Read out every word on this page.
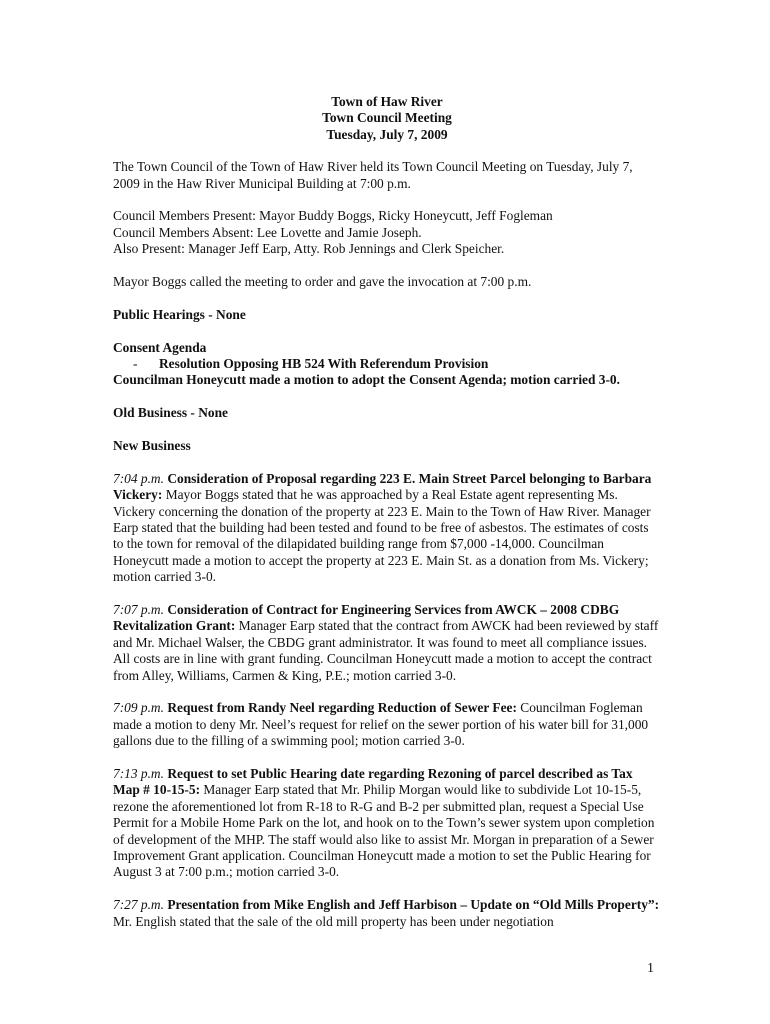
Town of Haw River
Town Council Meeting
Tuesday, July 7, 2009

The Town Council of the Town of Haw River held its Town Council Meeting on Tuesday, July 7, 2009 in the Haw River Municipal Building at 7:00 p.m.

Council Members Present: Mayor Buddy Boggs, Ricky Honeycutt, Jeff Fogleman
Council Members Absent: Lee Lovette and Jamie Joseph.
Also Present: Manager Jeff Earp, Atty. Rob Jennings and Clerk Speicher.

Mayor Boggs called the meeting to order and gave the invocation at 7:00 p.m.

Public Hearings - None

Consent Agenda
- Resolution Opposing HB 524 With Referendum Provision
Councilman Honeycutt made a motion to adopt the Consent Agenda; motion carried 3-0.

Old Business - None

New Business

7:04 p.m. Consideration of Proposal regarding 223 E. Main Street Parcel belonging to Barbara Vickery: Mayor Boggs stated that he was approached by a Real Estate agent representing Ms. Vickery concerning the donation of the property at 223 E. Main to the Town of Haw River. Manager Earp stated that the building had been tested and found to be free of asbestos. The estimates of costs to the town for removal of the dilapidated building range from $7,000 -14,000. Councilman Honeycutt made a motion to accept the property at 223 E. Main St. as a donation from Ms. Vickery; motion carried 3-0.

7:07 p.m. Consideration of Contract for Engineering Services from AWCK – 2008 CDBG Revitalization Grant: Manager Earp stated that the contract from AWCK had been reviewed by staff and Mr. Michael Walser, the CBDG grant administrator. It was found to meet all compliance issues. All costs are in line with grant funding. Councilman Honeycutt made a motion to accept the contract from Alley, Williams, Carmen & King, P.E.; motion carried 3-0.

7:09 p.m. Request from Randy Neel regarding Reduction of Sewer Fee: Councilman Fogleman made a motion to deny Mr. Neel’s request for relief on the sewer portion of his water bill for 31,000 gallons due to the filling of a swimming pool; motion carried 3-0.

7:13 p.m. Request to set Public Hearing date regarding Rezoning of parcel described as Tax Map # 10-15-5: Manager Earp stated that Mr. Philip Morgan would like to subdivide Lot 10-15-5, rezone the aforementioned lot from R-18 to R-G and B-2 per submitted plan, request a Special Use Permit for a Mobile Home Park on the lot, and hook on to the Town’s sewer system upon completion of development of the MHP. The staff would also like to assist Mr. Morgan in preparation of a Sewer Improvement Grant application. Councilman Honeycutt made a motion to set the Public Hearing for August 3 at 7:00 p.m.; motion carried 3-0.

7:27 p.m. Presentation from Mike English and Jeff Harbison – Update on “Old Mills Property”: Mr. English stated that the sale of the old mill property has been under negotiation

1
